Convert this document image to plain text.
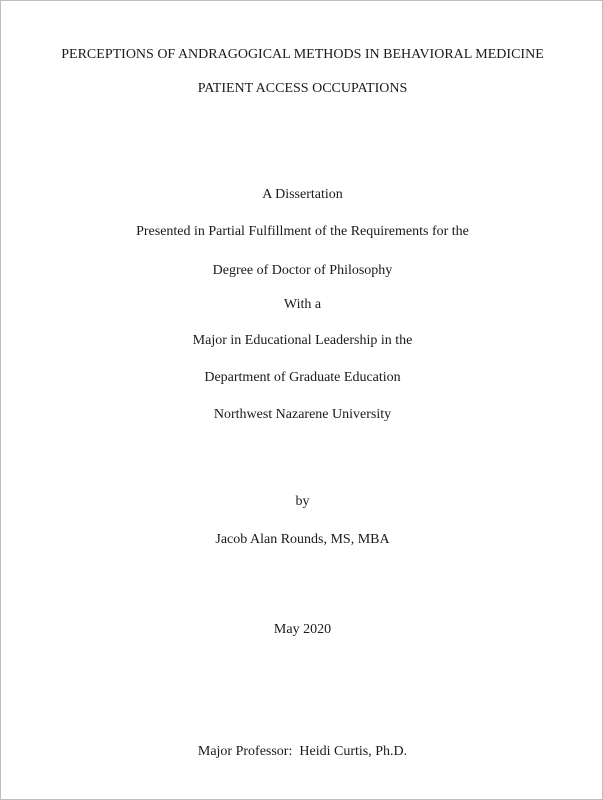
PERCEPTIONS OF ANDRAGOGICAL METHODS IN BEHAVIORAL MEDICINE
PATIENT ACCESS OCCUPATIONS
A Dissertation
Presented in Partial Fulfillment of the Requirements for the
Degree of Doctor of Philosophy
With a
Major in Educational Leadership in the
Department of Graduate Education
Northwest Nazarene University
by
Jacob Alan Rounds, MS, MBA
May 2020
Major Professor: Heidi Curtis, Ph.D.
